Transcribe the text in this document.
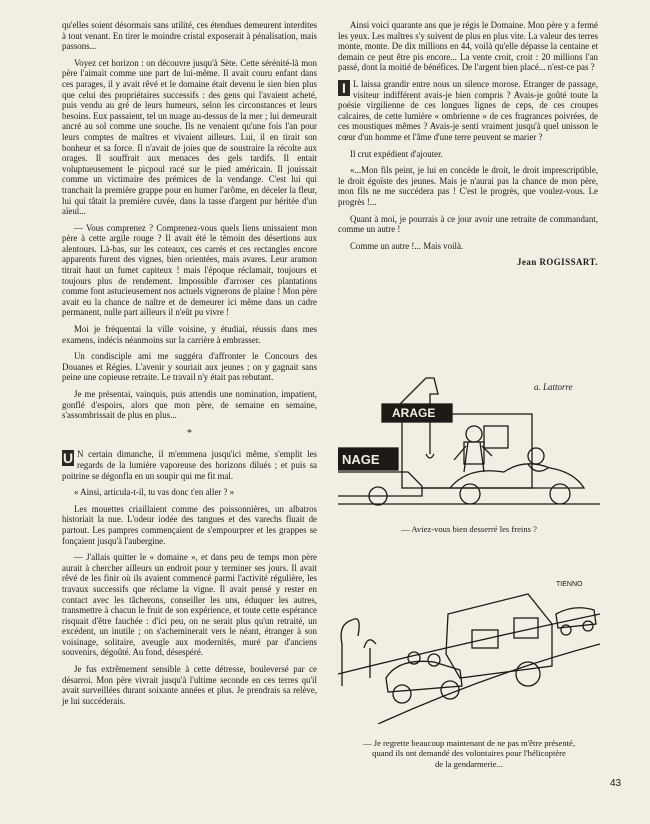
qu'elles soient désormais sans utilité, ces étendues demeurent interdites à tout venant. En tirer le moindre cristal exposerait à pénalisation, mais passons...

Voyez cet horizon : on découvre jusqu'à Sète. Cette sérénité-là mon père l'aimait comme une part de lui-même. Il avait couru enfant dans ces parages, il y avait rêvé et le domaine était devenu le sien bien plus que celui des propriétaires successifs : des gens qui l'avaient acheté, puis vendu au gré de leurs humeurs, selon les circonstances et leurs besoins. Eux passaient, tel un nuage au-dessus de la mer ; lui demeurait ancré au sol comme une souche. Ils ne venaient qu'une fois l'an pour leurs comptes de maîtres et vivaient ailleurs. Lui, il en tirait son bonheur et sa force. Il n'avait de joies que de soustraire la récolte aux orages. Il souffrait aux menaces des gels tardifs. Il entait voluptueusement le picpoul racé sur le pied américain. Il jouissait comme un victimaire des prémices de la vendange. C'est lui qui tranchait la première grappe pour en humer l'arôme, en déceler la fleur, lui qui tâtait la première cuvée, dans la tasse d'argent pur héritée d'un aïeul...

— Vous comprenez ? Comprenez-vous quels liens unissaient mon père à cette argile rouge ? Il avait été le témoin des désertions aux alentours. Là-bas, sur les coteaux, ces carrés et ces rectangles encore apparents furent des vignes, bien orientées, mais avares. Leur aramon titrait haut un fumet capiteux ! mais l'époque réclamait, toujours et toujours plus de rendement. Impossible d'arroser ces plantations comme font astucieusement nos actuels vignerons de plaine ! Mon père avait eu la chance de naître et de demeurer ici même dans un cadre permanent, nulle part ailleurs il n'eût pu vivre !

Moi je fréquentai la ville voisine, y étudiai, réussis dans mes examens, indécis néanmoins sur la carrière à embrasser.

Un condisciple ami me suggéra d'affronter le Concours des Douanes et Régies. L'avenir y souriait aux jeunes ; on y gagnait sans peine une copieuse retraite. Le travail n'y était pas rebutant.

Je me présentai, vainquis, puis attendis une nomination, impatient, gonflé d'espoirs, alors que mon père, de semaine en semaine, s'assombrissait de plus en plus...

*

U N certain dimanche, il m'emmena jusqu'ici même, s'emplit les regards de la lumière vaporeuse des horizons dilués ; et puis sa poitrine se dégonfla en un soupir qui me fit mal.

« Ainsi, articula-t-il, tu vas donc t'en aller ? »

Les mouettes criaillaient comme des poissonnières, un albatros historiait la nue. L'odeur iodée des tangues et des varechs fluait de partout. Les pampres commençaient de s'empourprer et les grappes se fonçaient jusqu'à l'aubergine.

— J'allais quitter le « domaine », et dans peu de temps mon père aurait à chercher ailleurs un endroit pour y terminer ses jours. Il avait rêvé de les finir où ils avaient commencé parmi l'activité régulière, les travaux successifs que réclame la vigne. Il avait pensé y rester en contact avec les tâcherons, conseiller les uns, éduquer les autres, transmettre à chacun le fruit de son expérience, et toute cette espérance risquait d'être fauchée : d'ici peu, on ne serait plus qu'un retraité, un excédent, un inutile ; on s'acheminerait vers le néant, étranger à son voisinage, solitaire, aveugle aux modernités, muré par d'anciens souvenirs, dégoûté. Au fond, désespéré.

Je fus extrêmement sensible à cette détresse, bouleversé par ce désarroi. Mon père vivrait jusqu'à l'ultime seconde en ces terres qu'il avait surveillées durant soixante années et plus. Je prendrais sa relève, je lui succéderais.

Ainsi voici quarante ans que je régis le Domaine. Mon père y a fermé les yeux. Les maîtres s'y suivent de plus en plus vite. La valeur des terres monte, monte. De dix millions en 44, voilà qu'elle dépasse la centaine et demain ce peut être pis encore... La vente croit, croit : 20 millions l'an passé, dont la moitié de bénéfices. De l'argent bien placé... n'est-ce pas ?

I L laissa grandir entre nous un silence morose. Etranger de passage, visiteur indifférent avais-je bien compris ? Avais-je goûté toute la poésie virgilienne de ces longues lignes de ceps, de ces croupes calcaires, de cette lumière « ombrienne » de ces fragrances poivrées, de ces moustiques mêmes ? Avais-je senti vraiment jusqu'à quel unisson le cœur d'un homme et l'âme d'une terre peuvent se marier ?

Il crut expédient d'ajouter.

«...Mon fils peint, je lui en concède le droit, le droit imprescriptible, le droit égoïste des jeunes. Mais je n'aurai pas la chance de mon père, mon fils ne me succédera pas ! C'est le progrès, que voulez-vous. Le progrès !...

Quant à moi, je pourrais à ce jour avoir une retraite de commandant, comme un autre !

Comme un autre !... Mais voilà.

Jean ROGISSART.
ARAGE
NAGE
a. Lattorre
— Aviez-vous bien desserré les freins ?
TIENNO
— Je regrette beaucoup maintenant de ne pas m'être présenté,
quand ils ont demandé des volontaires pour l'hélicoptère
de la gendarmerie...
43
